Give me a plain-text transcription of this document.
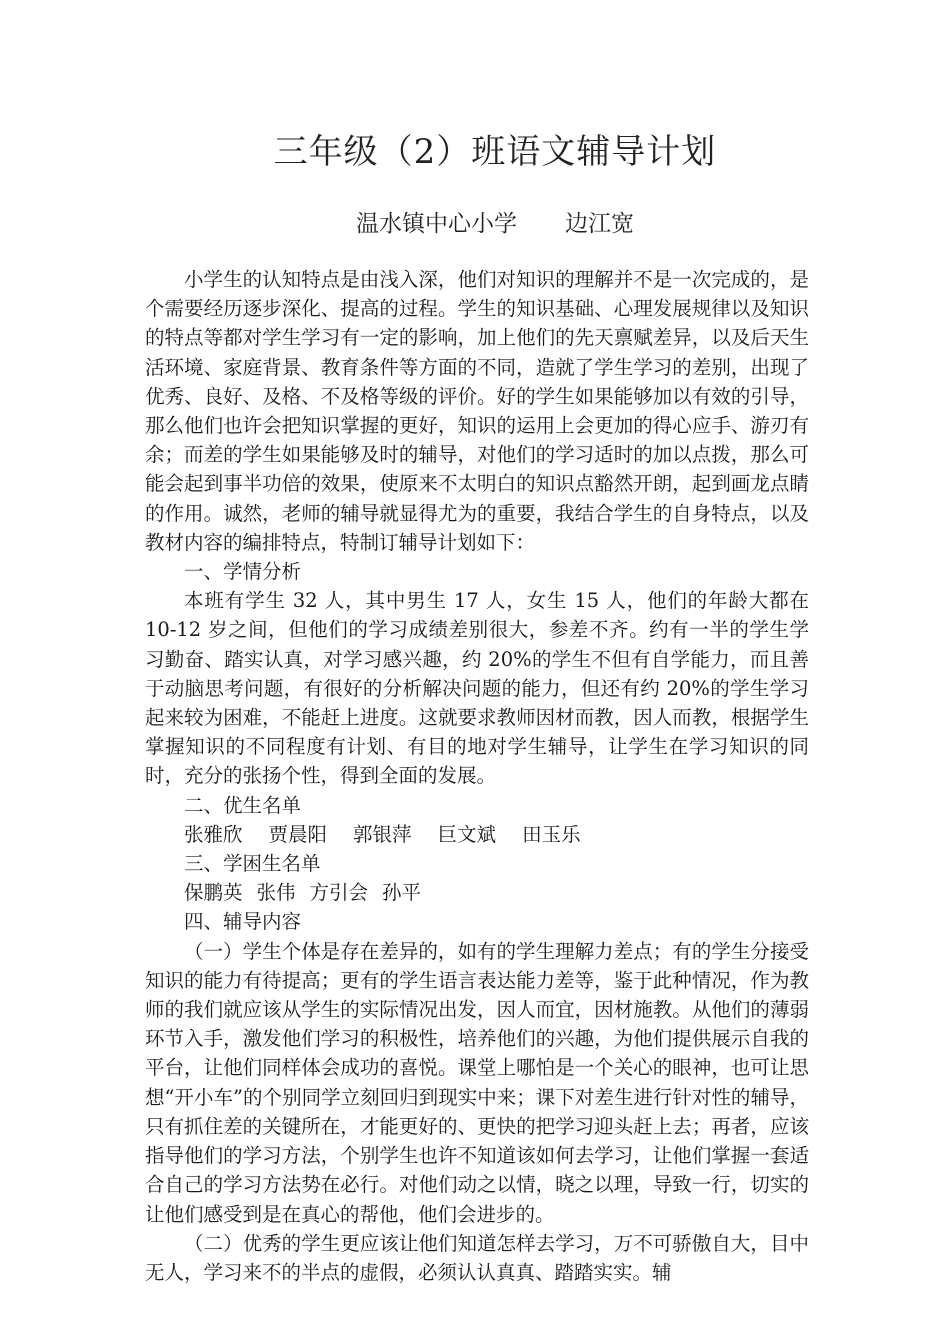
三年级（2）班语文辅导计划
温水镇中心小学 边江宽

小学生的认知特点是由浅入深，他们对知识的理解并不是一次完成的，是个需要经历逐步深化、提高的过程。学生的知识基础、心理发展规律以及知识的特点等都对学生学习有一定的影响，加上他们的先天禀赋差异，以及后天生活环境、家庭背景、教育条件等方面的不同，造就了学生学习的差别，出现了优秀、良好、及格、不及格等级的评价。好的学生如果能够加以有效的引导，那么他们也许会把知识掌握的更好，知识的运用上会更加的得心应手、游刃有余；而差的学生如果能够及时的辅导，对他们的学习适时的加以点拨，那么可能会起到事半功倍的效果，使原来不太明白的知识点豁然开朗，起到画龙点睛的作用。诚然，老师的辅导就显得尤为的重要，我结合学生的自身特点，以及教材内容的编排特点，特制订辅导计划如下：

一、学情分析

本班有学生 32 人，其中男生 17 人，女生 15 人，他们的年龄大都在 10-12 岁之间，但他们的学习成绩差别很大，参差不齐。约有一半的学生学习勤奋、踏实认真，对学习感兴趣，约 20%的学生不但有自学能力，而且善于动脑思考问题，有很好的分析解决问题的能力，但还有约 20%的学生学习起来较为困难，不能赶上进度。这就要求教师因材而教，因人而教，根据学生掌握知识的不同程度有计划、有目的地对学生辅导，让学生在学习知识的同时，充分的张扬个性，得到全面的发展。

二、优生名单

张雅欣 贾晨阳 郭银萍 巨文斌 田玉乐

三、学困生名单

保鹏英 张伟 方引会 孙平

四、辅导内容

（一）学生个体是存在差异的，如有的学生理解力差点；有的学生分接受知识的能力有待提高；更有的学生语言表达能力差等，鉴于此种情况，作为教师的我们就应该从学生的实际情况出发，因人而宜，因材施教。从他们的薄弱环节入手，激发他们学习的积极性，培养他们的兴趣，为他们提供展示自我的平台，让他们同样体会成功的喜悦。课堂上哪怕是一个关心的眼神，也可让思想“开小车”的个别同学立刻回归到现实中来；课下对差生进行针对性的辅导，只有抓住差的关键所在，才能更好的、更快的把学习迎头赶上去；再者，应该指导他们的学习方法，个别学生也许不知道该如何去学习，让他们掌握一套适合自己的学习方法势在必行。对他们动之以情，晓之以理，导致一行，切实的让他们感受到是在真心的帮他，他们会进步的。

（二）优秀的学生更应该让他们知道怎样去学习，万不可骄傲自大，目中无人，学习来不的半点的虚假，必须认认真真、踏踏实实。辅
